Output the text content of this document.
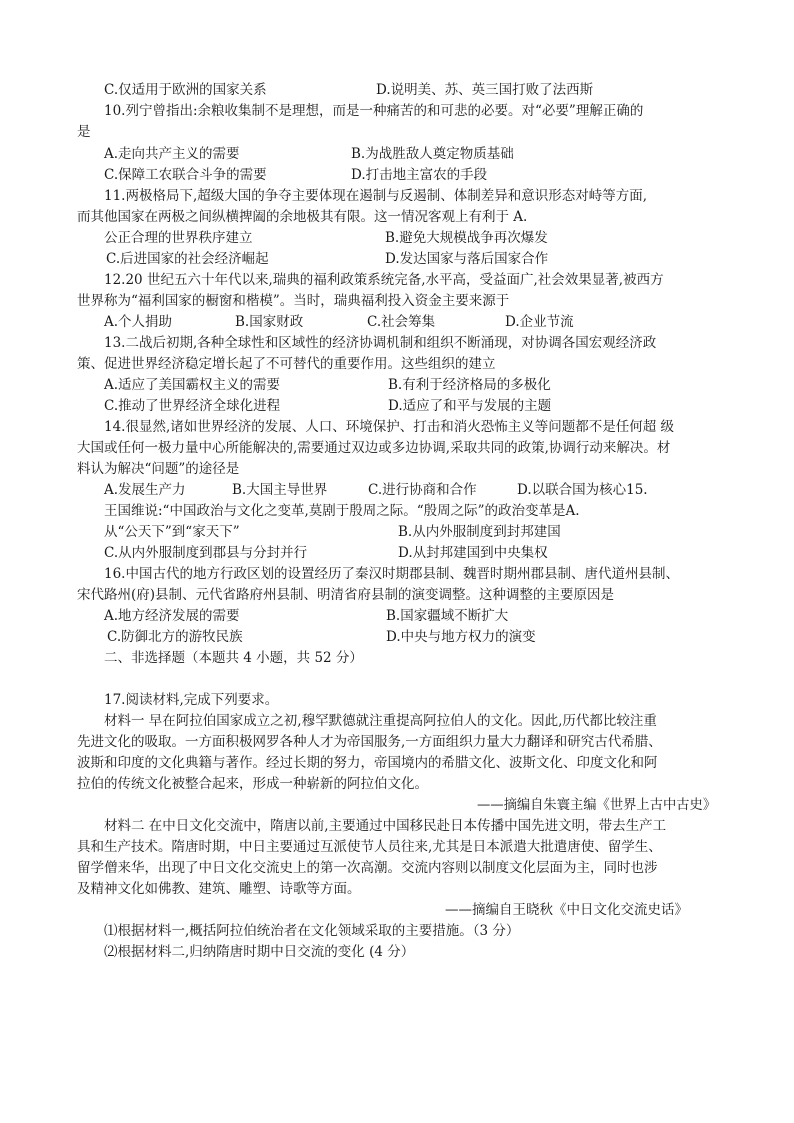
C.仅适用于欧洲的国家关系	D.说明美、苏、英三国打败了法西斯
10.列宁曾指出:余粮收集制不是理想，而是一种痛苦的和可悲的必要。对“必要”理解正确的
是
A.走向共产主义的需要	B.为战胜敌人奠定物质基础
C.保障工农联合斗争的需要	D.打击地主富农的手段
11.两极格局下,超级大国的争夺主要体现在遏制与反遏制、体制差异和意识形态对峙等方面,
而其他国家在两极之间纵横捭阖的余地极其有限。这一情况客观上有利于 A.
公正合理的世界秩序建立	B.避免大规模战争再次爆发
C.后进国家的社会经济崛起	D.发达国家与落后国家合作
12.20 世纪五六十年代以来,瑞典的福利政策系统完备,水平高，受益面广,社会效果显著,被西方
世界称为“福利国家的橱窗和楷模”。当时，瑞典福利投入资金主要来源于
A.个人捐助	B.国家财政	C.社会筹集	D.企业节流
13.二战后初期,各种全球性和区域性的经济协调机制和组织不断涌现，对协调各国宏观经济政
策、促进世界经济稳定增长起了不可替代的重要作用。这些组织的建立
A.适应了美国霸权主义的需要	B.有利于经济格局的多极化
C.推动了世界经济全球化进程	D.适应了和平与发展的主题
14.很显然,诸如世界经济的发展、人口、环境保护、打击和消火恐怖主义等问题都不是任何超 级
大国或任何一极力量中心所能解决的,需要通过双边或多边协调,采取共同的政策,协调行动来解决。材
料认为解决“问题”的途径是
A.发展生产力	B.大国主导世界	C.进行协商和合作	D.以联合国为核心15.
王国维说:“中国政治与文化之变革,莫剧于殷周之际。“殷周之际”的政治变革是A.
从“公天下”到“家天下”	B.从内外服制度到封邦建国
C.从内外服制度到郡县与分封并行	D.从封邦建国到中央集权
16.中国古代的地方行政区划的设置经历了秦汉时期郡县制、魏晋时期州郡县制、唐代道州县制、
宋代路州(府)县制、元代省路府州县制、明清省府县制的演变调整。这种调整的主要原因是
A.地方经济发展的需要	B.国家疆域不断扩大
C.防御北方的游牧民族	D.中央与地方权力的演变
二、非选择题（本题共 4 小题，共 52 分）
17.阅读材料,完成下列要求。
材料一 早在阿拉伯国家成立之初,穆罕默德就注重提高阿拉伯人的文化。因此,历代都比较注重
先进文化的吸取。一方面积极网罗各种人才为帝国服务,一方面组织力量大力翻译和研究古代希腊、
波斯和印度的文化典籍与著作。经过长期的努力，帝国境内的希腊文化、波斯文化、印度文化和阿
拉伯的传统文化被整合起来，形成一种崭新的阿拉伯文化。
——摘编自朱寰主编《世界上古中古史》
材料二 在中日文化交流中，隋唐以前,主要通过中国移民赴日本传播中国先进文明，带去生产工
具和生产技术。隋唐时期，中日主要通过互派使节人员往来,尤其是日本派遣大批遣唐使、留学生、
留学僧来华，出现了中日文化交流史上的第一次高潮。交流内容则以制度文化层面为主，同时也涉
及精神文化如佛教、建筑、雕塑、诗歌等方面。
——摘编自王晓秋《中日文化交流史话》
⑴根据材料一,概括阿拉伯统治者在文化领域采取的主要措施。（3 分）
⑵根据材料二,归纳隋唐时期中日交流的变化 (4 分）
